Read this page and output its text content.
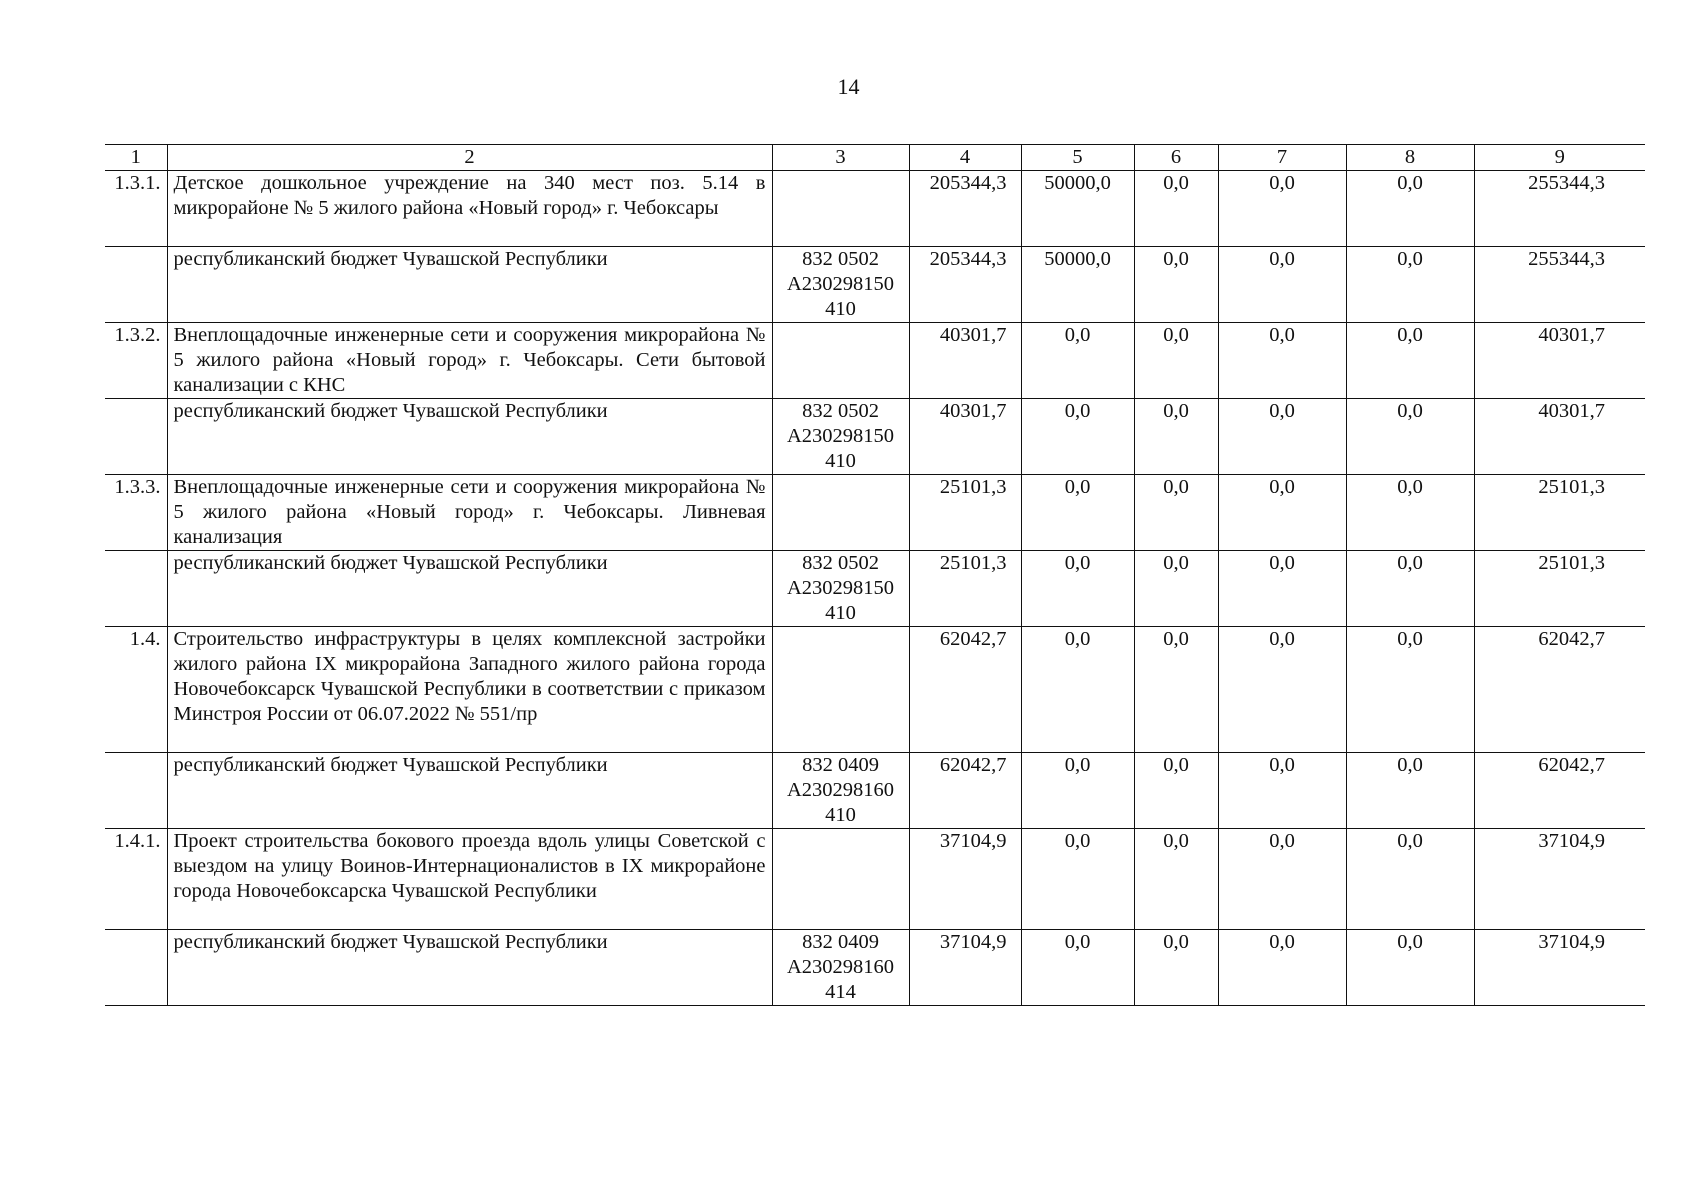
14
1	2	3	4	5	6	7	8	9
1.3.1.	Детское дошкольное учреждение на 340 мест поз. 5.14 в микрорайоне № 5 жилого района «Новый город» г. Чебоксары		205344,3	50000,0	0,0	0,0	0,0	255344,3
	республиканский бюджет Чувашской Республики	832 0502 А230298150 410	205344,3	50000,0	0,0	0,0	0,0	255344,3
1.3.2.	Внеплощадочные инженерные сети и сооружения микрорайона № 5 жилого района «Новый город» г. Чебоксары. Сети бытовой канализации с КНС		40301,7	0,0	0,0	0,0	0,0	40301,7
	республиканский бюджет Чувашской Республики	832 0502 А230298150 410	40301,7	0,0	0,0	0,0	0,0	40301,7
1.3.3.	Внеплощадочные инженерные сети и сооружения микрорайона № 5 жилого района «Новый город» г. Чебоксары. Ливневая канализация		25101,3	0,0	0,0	0,0	0,0	25101,3
	республиканский бюджет Чувашской Республики	832 0502 А230298150 410	25101,3	0,0	0,0	0,0	0,0	25101,3
1.4.	Строительство инфраструктуры в целях комплексной застройки жилого района IX микрорайона Западного жилого района города Новочебоксарск Чувашской Республики в соответствии с приказом Минстроя России от 06.07.2022 № 551/пр		62042,7	0,0	0,0	0,0	0,0	62042,7
	республиканский бюджет Чувашской Республики	832 0409 А230298160 410	62042,7	0,0	0,0	0,0	0,0	62042,7
1.4.1.	Проект строительства бокового проезда вдоль улицы Советской с выездом на улицу Воинов-Интернационалистов в IX микрорайоне города Новочебоксарска Чувашской Республики		37104,9	0,0	0,0	0,0	0,0	37104,9
	республиканский бюджет Чувашской Республики	832 0409 А230298160 414	37104,9	0,0	0,0	0,0	0,0	37104,9
